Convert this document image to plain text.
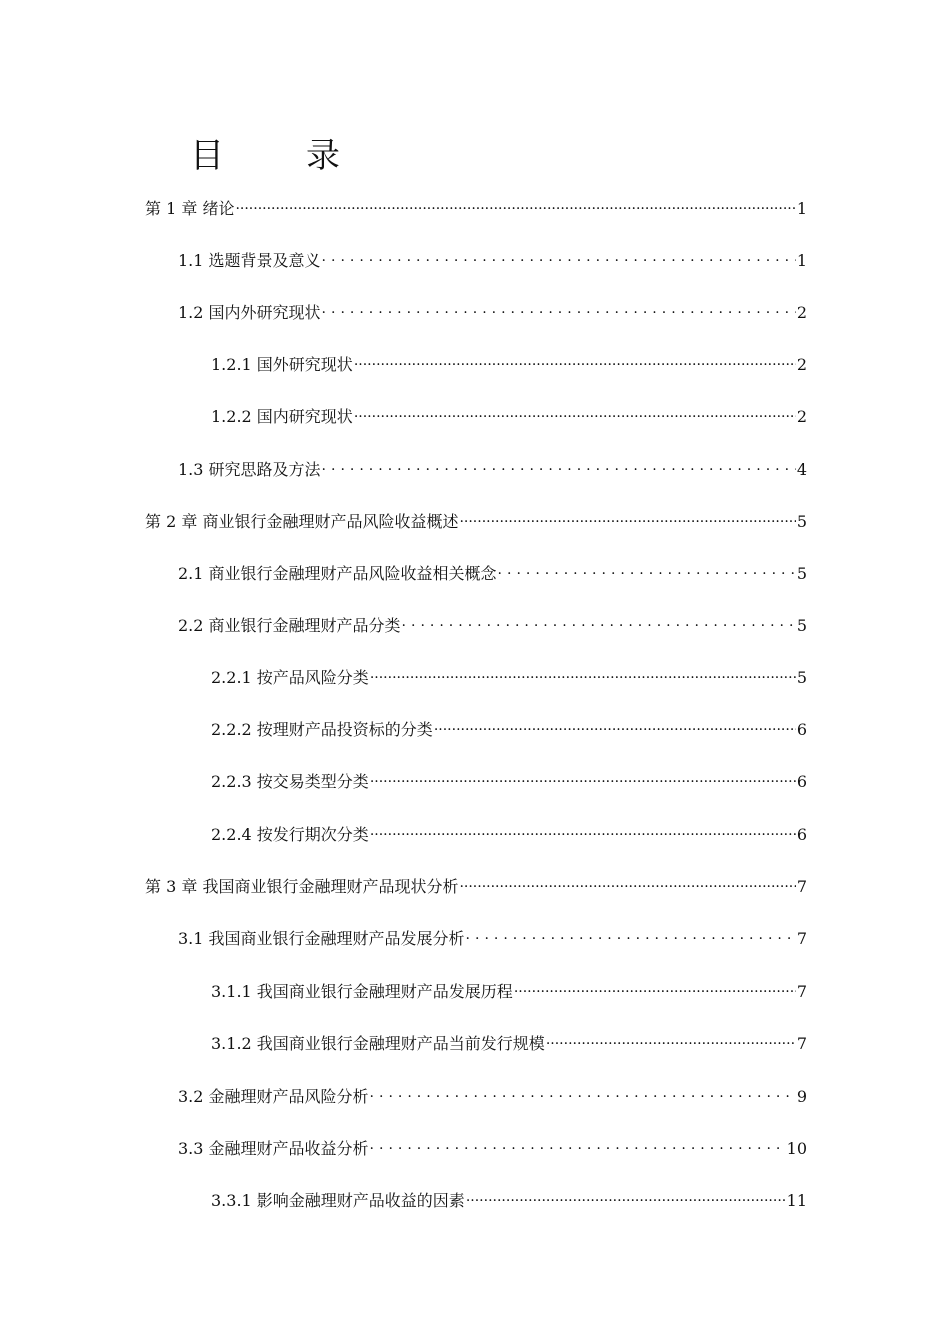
目 录
第 1 章 绪论 .....	1
1.1 选题背景及意义 .....	1
1.2 国内外研究现状 .....	2
1.2.1 国外研究现状 .....	2
1.2.2 国内研究现状 .....	2
1.3 研究思路及方法 .....	4
第 2 章 商业银行金融理财产品风险收益概述 .....	5
2.1 商业银行金融理财产品风险收益相关概念 .....	5
2.2 商业银行金融理财产品分类 .....	5
2.2.1 按产品风险分类 .....	5
2.2.2 按理财产品投资标的分类 .....	6
2.2.3 按交易类型分类 .....	6
2.2.4 按发行期次分类 .....	6
第 3 章 我国商业银行金融理财产品现状分析 .....	7
3.1 我国商业银行金融理财产品发展分析 .....	7
3.1.1 我国商业银行金融理财产品发展历程 .....	7
3.1.2 我国商业银行金融理财产品当前发行规模 .....	7
3.2 金融理财产品风险分析 .....	9
3.3 金融理财产品收益分析 .....	10
3.3.1 影响金融理财产品收益的因素 .....	11
